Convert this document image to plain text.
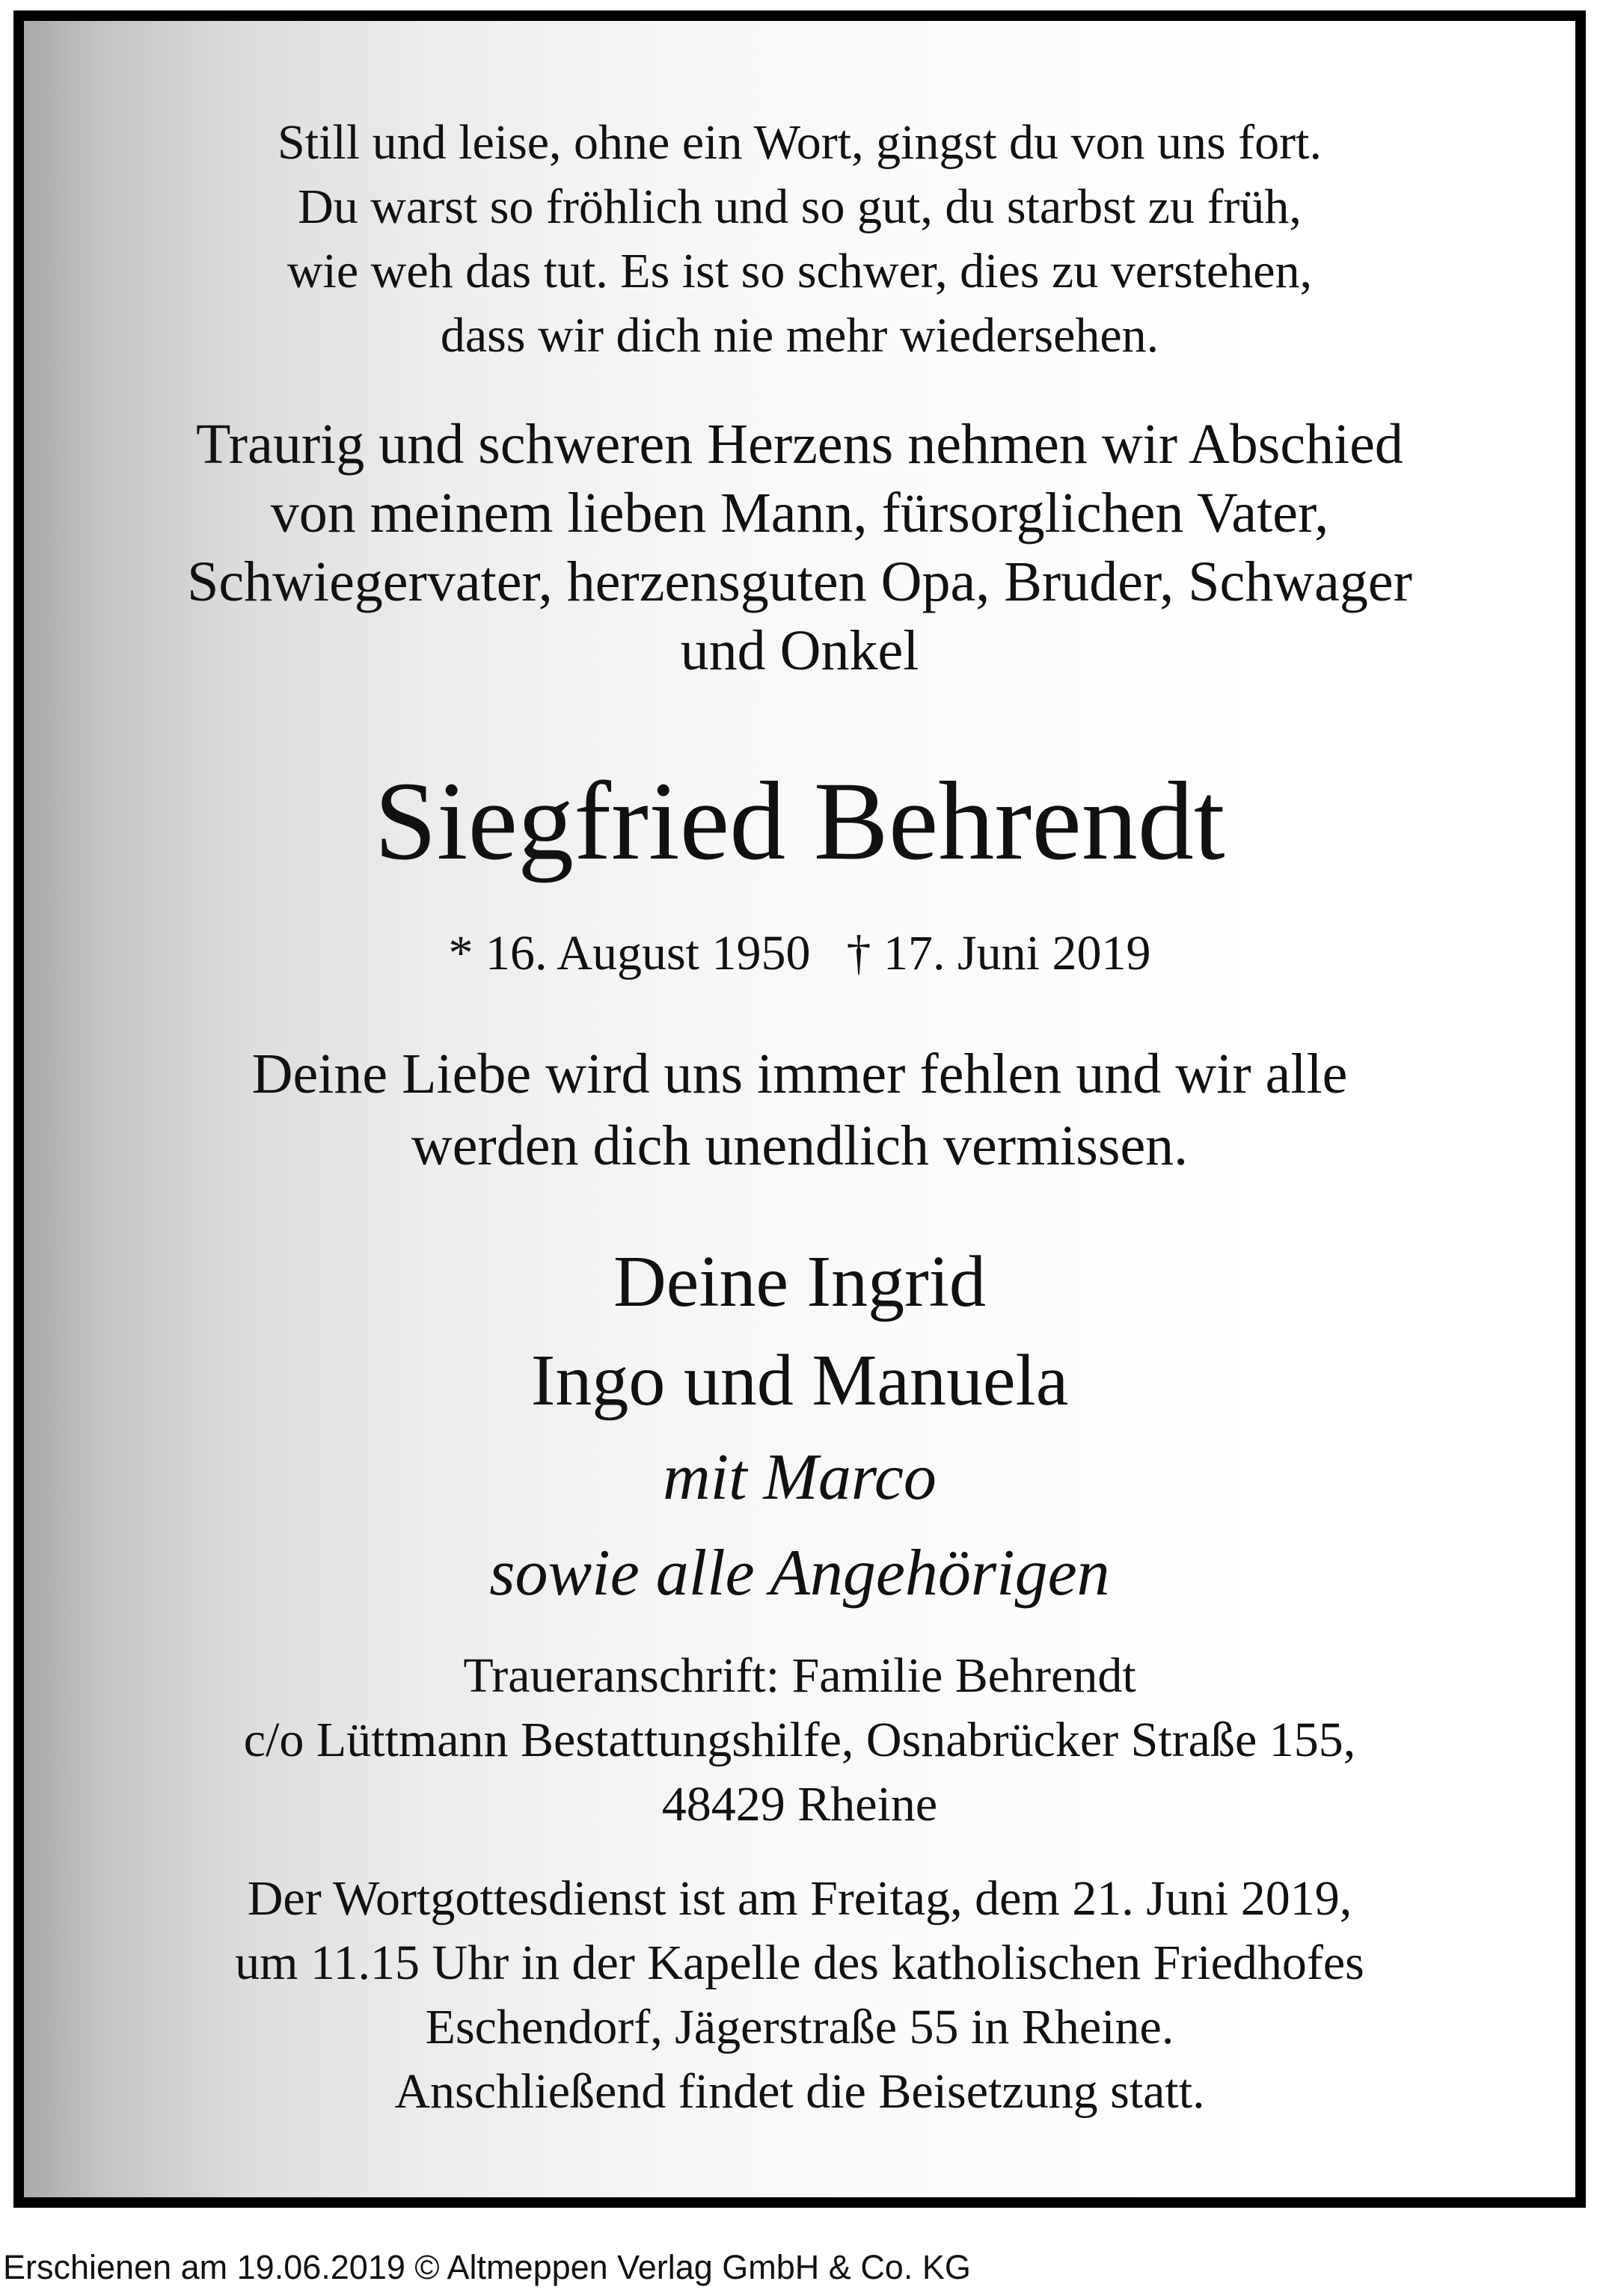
Still und leise, ohne ein Wort, gingst du von uns fort.
Du warst so fröhlich und so gut, du starbst zu früh,
wie weh das tut. Es ist so schwer, dies zu verstehen,
dass wir dich nie mehr wiedersehen.

Traurig und schweren Herzens nehmen wir Abschied
von meinem lieben Mann, fürsorglichen Vater,
Schwiegervater, herzensguten Opa, Bruder, Schwager
und Onkel

Siegfried Behrendt

* 16. August 1950 † 17. Juni 2019

Deine Liebe wird uns immer fehlen und wir alle
werden dich unendlich vermissen.

Deine Ingrid
Ingo und Manuela
mit Marco
sowie alle Angehörigen

Traueranschrift: Familie Behrendt
c/o Lüttmann Bestattungshilfe, Osnabrücker Straße 155,
48429 Rheine

Der Wortgottesdienst ist am Freitag, dem 21. Juni 2019,
um 11.15 Uhr in der Kapelle des katholischen Friedhofes
Eschendorf, Jägerstraße 55 in Rheine.
Anschließend findet die Beisetzung statt.

Erschienen am 19.06.2019 © Altmeppen Verlag GmbH & Co. KG
